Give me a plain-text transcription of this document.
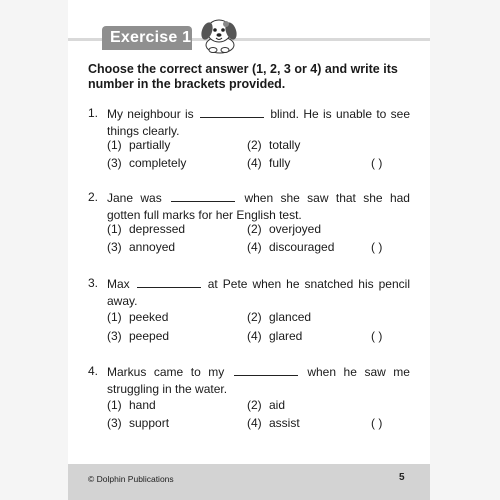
Exercise 1
Choose the correct answer (1, 2, 3 or 4) and write its number in the brackets provided.
1. My neighbour is	blind. He is unable to see things clearly.
(1) partially	(2) totally
(3) completely	(4) fully	( )
2. Jane was	when she saw that she had gotten full marks for her English test.
(1) depressed	(2) overjoyed
(3) annoyed	(4) discouraged	( )
3. Max	at Pete when he snatched his pencil away.
(1) peeked	(2) glanced
(3) peeped	(4) glared	( )
4. Markus came to my	when he saw me struggling in the water.
(1) hand	(2) aid
(3) support	(4) assist	( )
© Dolphin Publications	5
